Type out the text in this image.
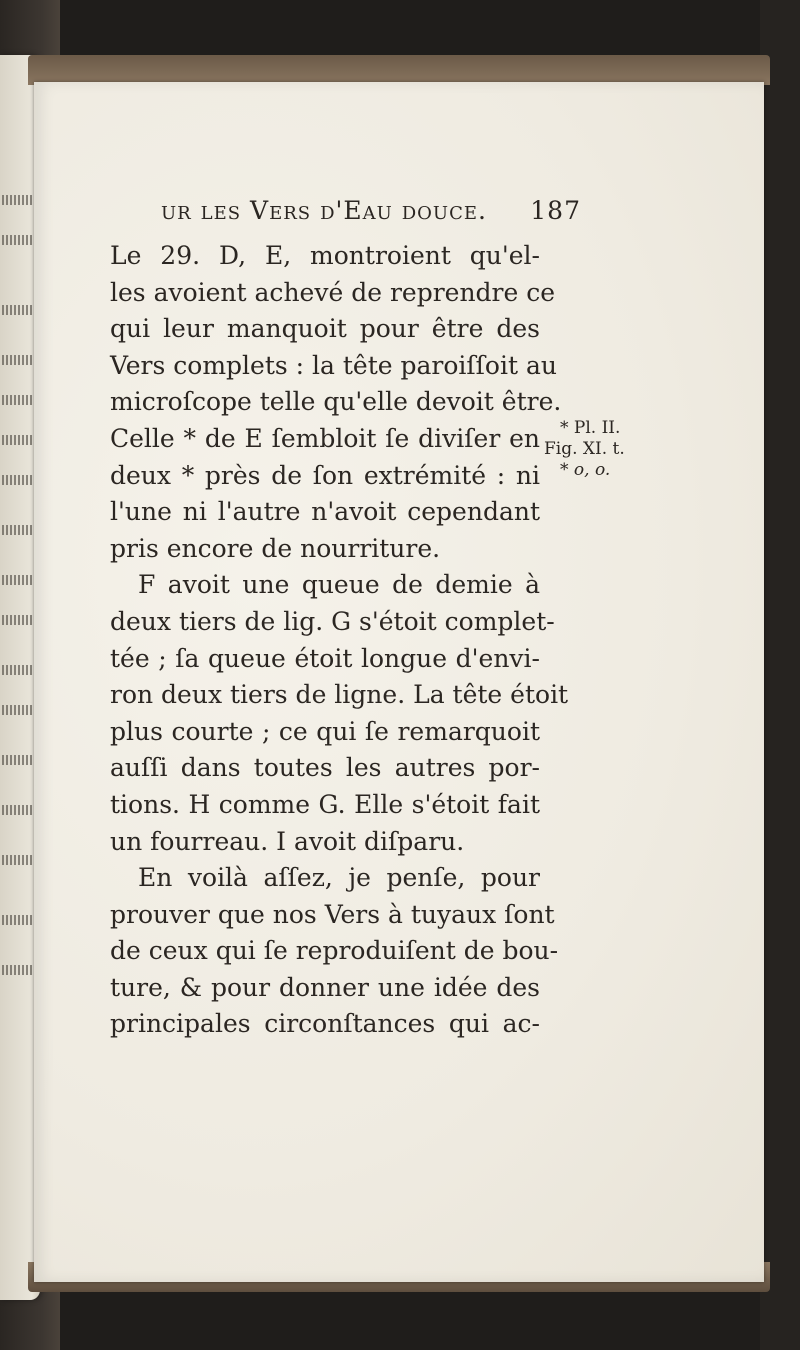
ur les Vers d'Eau douce. 187
Le 29. D, E, montroient qu'el-
les avoient achevé de reprendre ce
qui leur manquoit pour être des
Vers complets : la tête paroiſſoit au
microſcope telle qu'elle devoit être.
Celle * de E ſembloit ſe diviſer en
deux * près de ſon extrémité : ni
l'une ni l'autre n'avoit cependant
pris encore de nourriture.
F avoit une queue de demie à
deux tiers de lig. G s'étoit complet-
tée ; ſa queue étoit longue d'envi-
ron deux tiers de ligne. La tête étoit
plus courte ; ce qui ſe remarquoit
auſſi dans toutes les autres por-
tions. H comme G. Elle s'étoit fait
un fourreau. I avoit diſparu.
En voilà aſſez, je penſe, pour
prouver que nos Vers à tuyaux ſont
de ceux qui ſe reproduiſent de bou-
ture, & pour donner une idée des
principales circonſtances qui ac-
* Pl. II.
Fig. XI. t.
* o, o.
